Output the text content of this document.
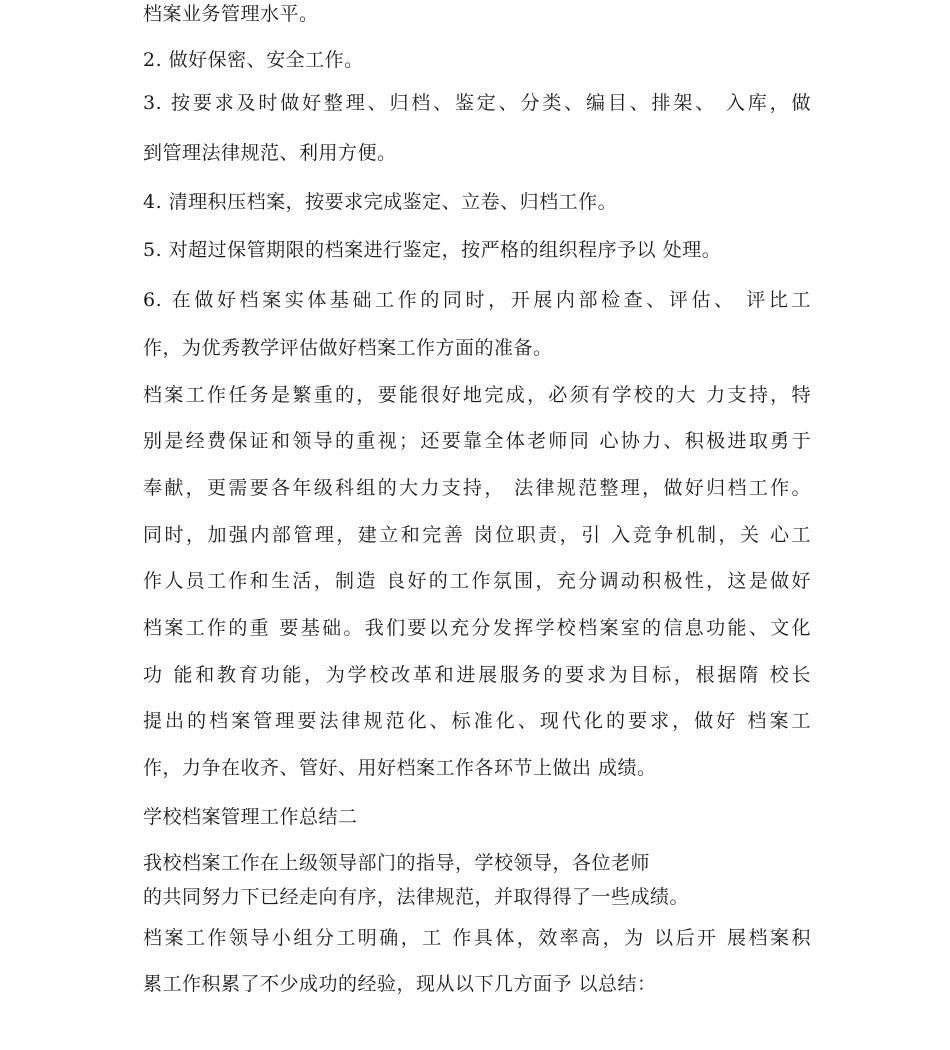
档案业务管理水平。
2. 做好保密、安全工作。
3. 按要求及时做好整理、归档、鉴定、分类、编目、排架、 入库，做
到管理法律规范、利用方便。
4. 清理积压档案，按要求完成鉴定、立卷、归档工作。
5. 对超过保管期限的档案进行鉴定，按严格的组织程序予以 处理。
6. 在做好档案实体基础工作的同时，开展内部检查、评估、 评比工
作，为优秀教学评估做好档案工作方面的准备。
档案工作任务是繁重的，要能很好地完成，必须有学校的大 力支持，特
别是经费保证和领导的重视；还要靠全体老师同 心协力、积极进取勇于
奉献，更需要各年级科组的大力支持， 法律规范整理，做好归档工作。
同时，加强内部管理，建立和完善 岗位职责，引 入竞争机制，关 心工
作人员工作和生活，制造 良好的工作氛围，充分调动积极性，这是做好
档案工作的重 要基础。我们要以充分发挥学校档案室的信息功能、文化
功 能和教育功能，为学校改革和进展服务的要求为目标，根据隋 校长
提出的档案管理要法律规范化、标准化、现代化的要求，做好 档案工
作，力争在收齐、管好、用好档案工作各环节上做出 成绩。
学校档案管理工作总结二
我校档案工作在上级领导部门的指导，学校领导，各位老师
的共同努力下已经走向有序，法律规范，并取得得了一些成绩。
档案工作领导小组分工明确，工 作具体，效率高，为 以后开 展档案积
累工作积累了不少成功的经验，现从以下几方面予 以总结：
